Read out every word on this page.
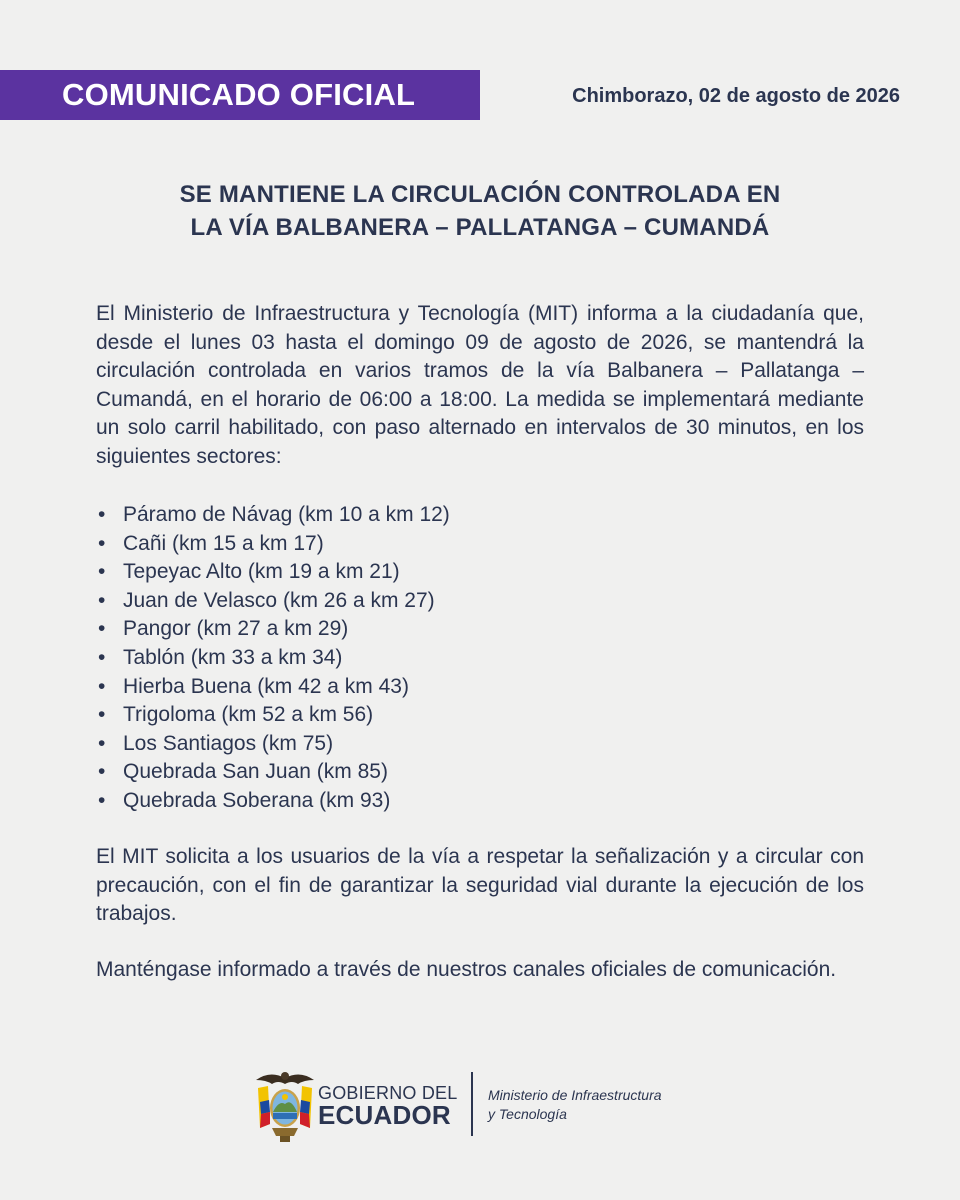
COMUNICADO OFICIAL	Chimborazo, 02 de agosto de 2026
SE MANTIENE LA CIRCULACIÓN CONTROLADA EN
LA VÍA BALBANERA – PALLATANGA – CUMANDÁ

El Ministerio de Infraestructura y Tecnología (MIT) informa a la ciudadanía que, desde el lunes 03 hasta el domingo 09 de agosto de 2026, se mantendrá la circulación controlada en varios tramos de la vía Balbanera – Pallatanga – Cumandá, en el horario de 06:00 a 18:00. La medida se implementará mediante un solo carril habilitado, con paso alternado en intervalos de 30 minutos, en los siguientes sectores:

• Páramo de Návag (km 10 a km 12)
• Cañi (km 15 a km 17)
• Tepeyac Alto (km 19 a km 21)
• Juan de Velasco (km 26 a km 27)
• Pangor (km 27 a km 29)
• Tablón (km 33 a km 34)
• Hierba Buena (km 42 a km 43)
• Trigoloma (km 52 a km 56)
• Los Santiagos (km 75)
• Quebrada San Juan (km 85)
• Quebrada Soberana (km 93)

El MIT solicita a los usuarios de la vía a respetar la señalización y a circular con precaución, con el fin de garantizar la seguridad vial durante la ejecución de los trabajos.

Manténgase informado a través de nuestros canales oficiales de comunicación.

GOBIERNO DEL
ECUADOR
Ministerio de Infraestructura
y Tecnología
